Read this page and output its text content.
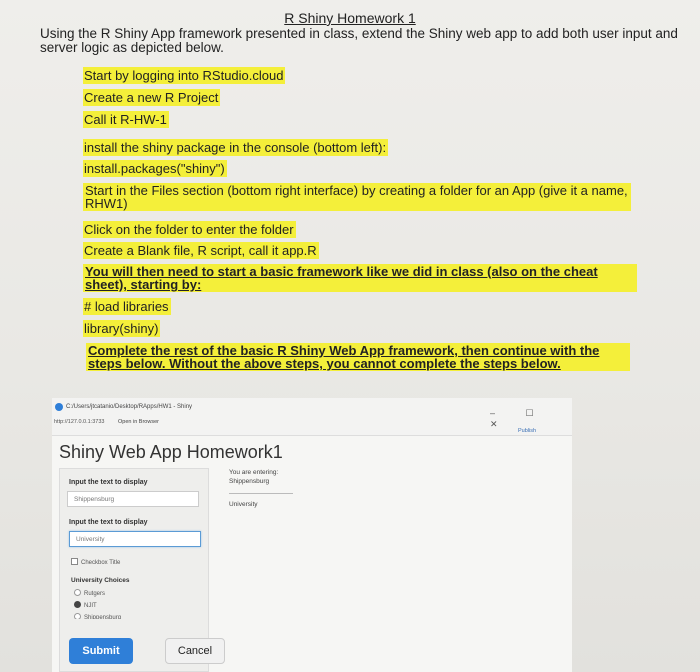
R Shiny Homework 1
Using the R Shiny App framework presented in class, extend the Shiny web app to add both user input and server logic as depicted below.
Start by logging into RStudio.cloud
Create a new R Project
Call it R-HW-1
install the shiny package in the console (bottom left):
install.packages("shiny")
Start in the Files section (bottom right interface) by creating a folder for an App (give it a name, RHW1)
Click on the folder to enter the folder
Create a Blank file, R script, call it app.R
You will then need to start a basic framework like we did in class (also on the cheat sheet), starting by:
# load libraries
library(shiny)
Complete the rest of the basic R Shiny Web App framework, then continue with the steps below. Without the above steps, you cannot complete the steps below.
C:/Users/jtcatanio/Desktop/RApps/HW1 - Shiny
http://127.0.0.1:3733 Open in Browser
– ☐ ✕
Publish
Shiny Web App Homework1
Input the text to display
Shippensburg
Input the text to display
University
Checkbox Title
University Choices
Rutgers
NJIT
Shippensburg
You are entering:
Shippensburg
University
Submit	Cancel
